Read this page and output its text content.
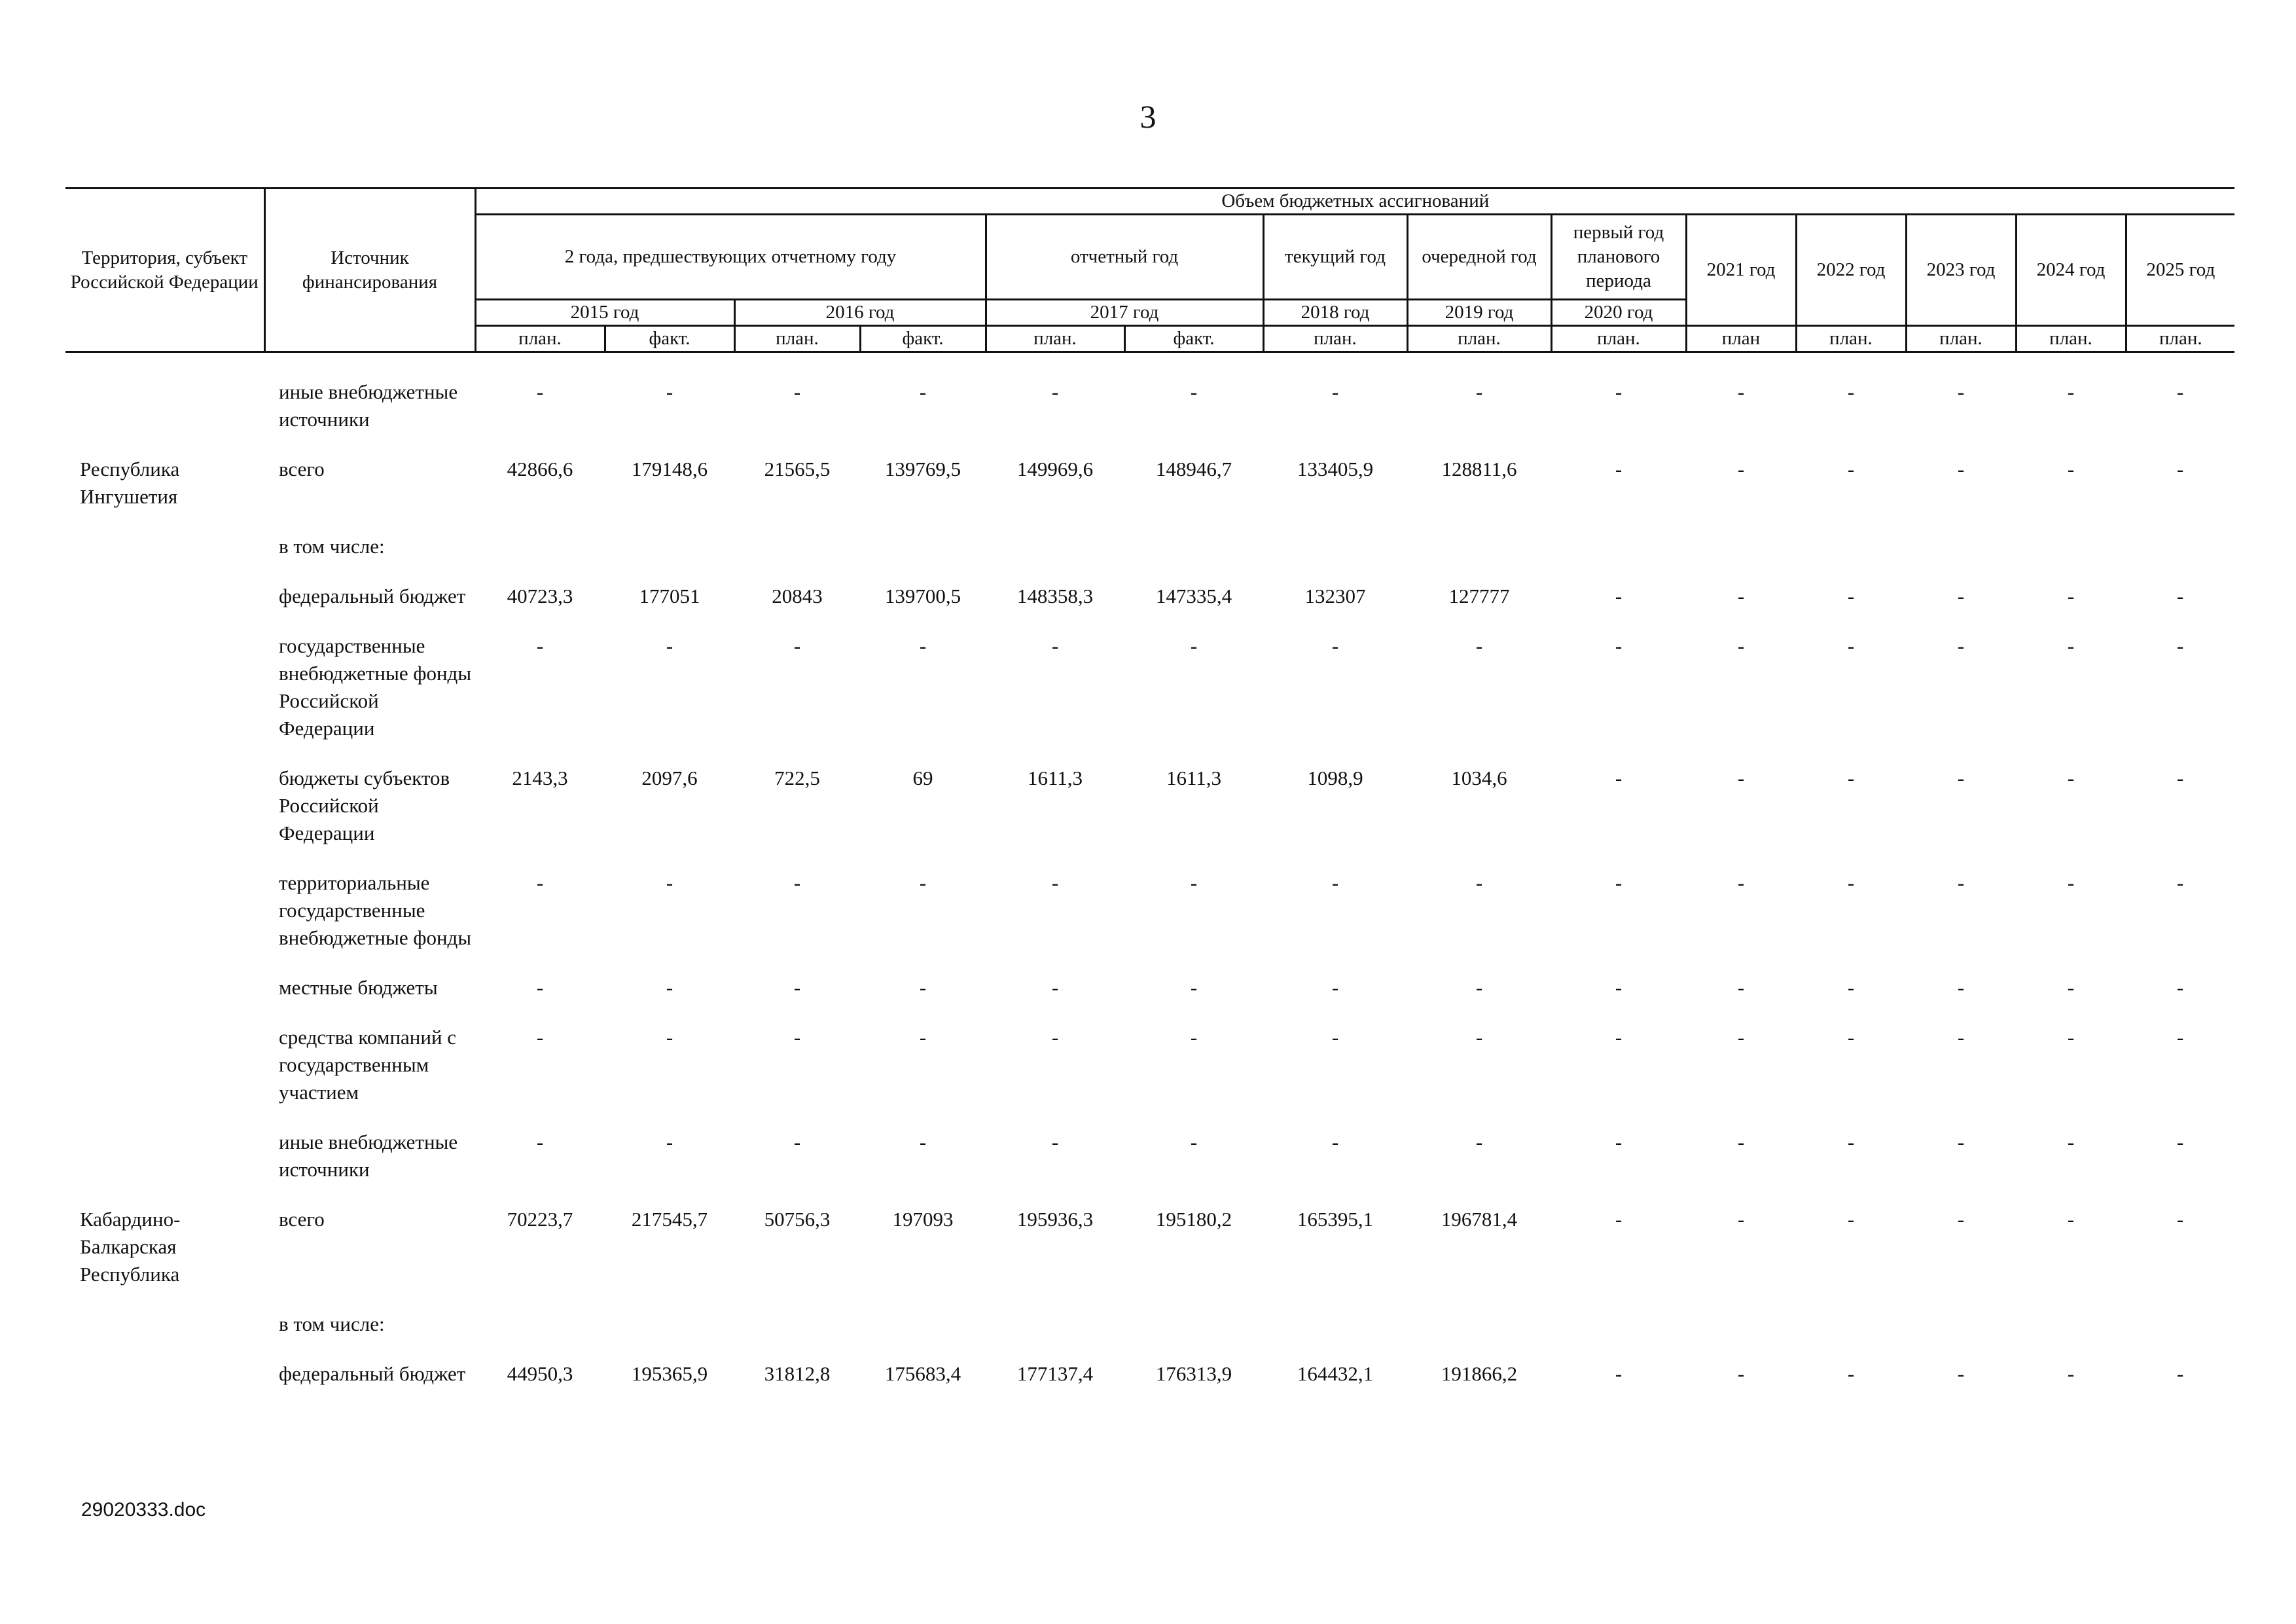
3
Территория, субъект Российской Федерации	Источник финансирования	Объем бюджетных ассигнований													
		2 года, предшествующих отчетному году				отчетный год		текущий год	очередной год	первый год планового периода	2021 год	2022 год	2023 год	2024 год	2025 год
		2015 год		2016 год		2017 год		2018 год	2019 год	2020 год					
		план.	факт.	план.	факт.	план.	факт.	план.	план.	план.	план	план.	план.	план.	план.
	иные внебюджетные источники	-	-	-	-	-	-	-	-	-	-	-	-	-	-

Республика Ингушетия	всего	42866,6	179148,6	21565,5	139769,5	149969,6	148946,7	133405,9	128811,6	-	-	-	-	-	-

	в том числе:														

	федеральный бюджет	40723,3	177051	20843	139700,5	148358,3	147335,4	132307	127777	-	-	-	-	-	-

	государственные внебюджетные фонды Российской Федерации	-	-	-	-	-	-	-	-	-	-	-	-	-	-

	бюджеты субъектов Российской Федерации	2143,3	2097,6	722,5	69	1611,3	1611,3	1098,9	1034,6	-	-	-	-	-	-

	территориальные государственные внебюджетные фонды	-	-	-	-	-	-	-	-	-	-	-	-	-	-

	местные бюджеты	-	-	-	-	-	-	-	-	-	-	-	-	-	-

	средства компаний с государственным участием	-	-	-	-	-	-	-	-	-	-	-	-	-	-

	иные внебюджетные источники	-	-	-	-	-	-	-	-	-	-	-	-	-	-

Кабардино-Балкарская Республика	всего	70223,7	217545,7	50756,3	197093	195936,3	195180,2	165395,1	196781,4	-	-	-	-	-	-

	в том числе:														

	федеральный бюджет	44950,3	195365,9	31812,8	175683,4	177137,4	176313,9	164432,1	191866,2	-	-	-	-	-	-

29020333.doc
